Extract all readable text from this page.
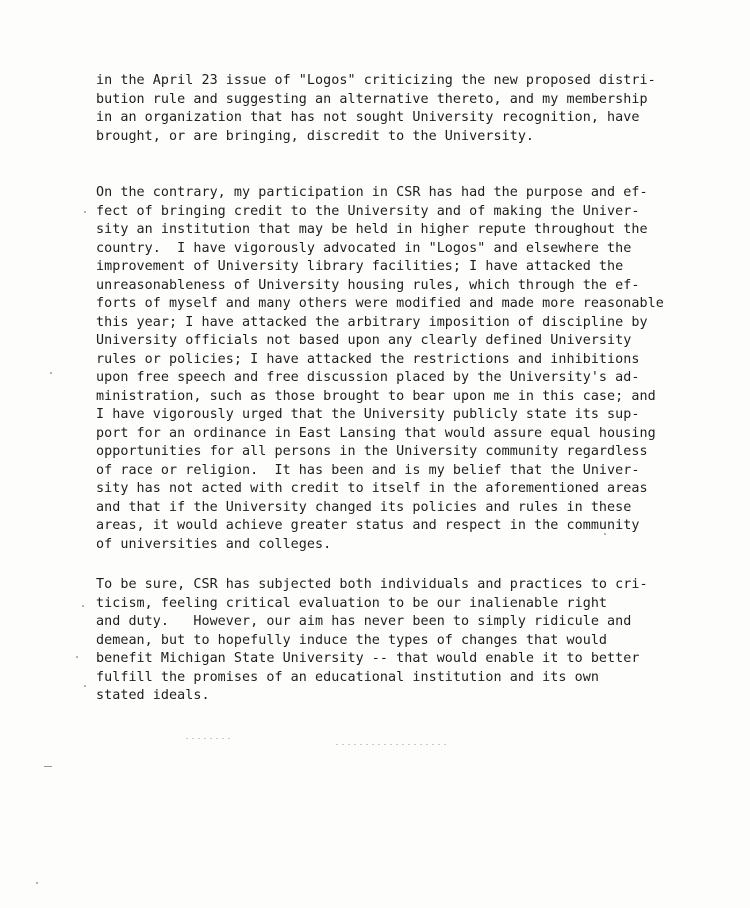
in the April 23 issue of "Logos" criticizing the new proposed distri-
bution rule and suggesting an alternative thereto, and my membership
in an organization that has not sought University recognition, have
brought, or are bringing, discredit to the University.
On the contrary, my participation in CSR has had the purpose and ef-
fect of bringing credit to the University and of making the Univer-
sity an institution that may be held in higher repute throughout the
country.  I have vigorously advocated in "Logos" and elsewhere the
improvement of University library facilities; I have attacked the
unreasonableness of University housing rules, which through the ef-
forts of myself and many others were modified and made more reasonable
this year; I have attacked the arbitrary imposition of discipline by
University officials not based upon any clearly defined University
rules or policies; I have attacked the restrictions and inhibitions
upon free speech and free discussion placed by the University's ad-
ministration, such as those brought to bear upon me in this case; and
I have vigorously urged that the University publicly state its sup-
port for an ordinance in East Lansing that would assure equal housing
opportunities for all persons in the University community regardless
of race or religion.  It has been and is my belief that the Univer-
sity has not acted with credit to itself in the aforementioned areas
and that if the University changed its policies and rules in these
areas, it would achieve greater status and respect in the community
of universities and colleges.
To be sure, CSR has subjected both individuals and practices to cri-
ticism, feeling critical evaluation to be our inalienable right
and duty.   However, our aim has never been to simply ridicule and
demean, but to hopefully induce the types of changes that would
benefit Michigan State University -- that would enable it to better
fulfill the promises of an educational institution and its own
stated ideals.
